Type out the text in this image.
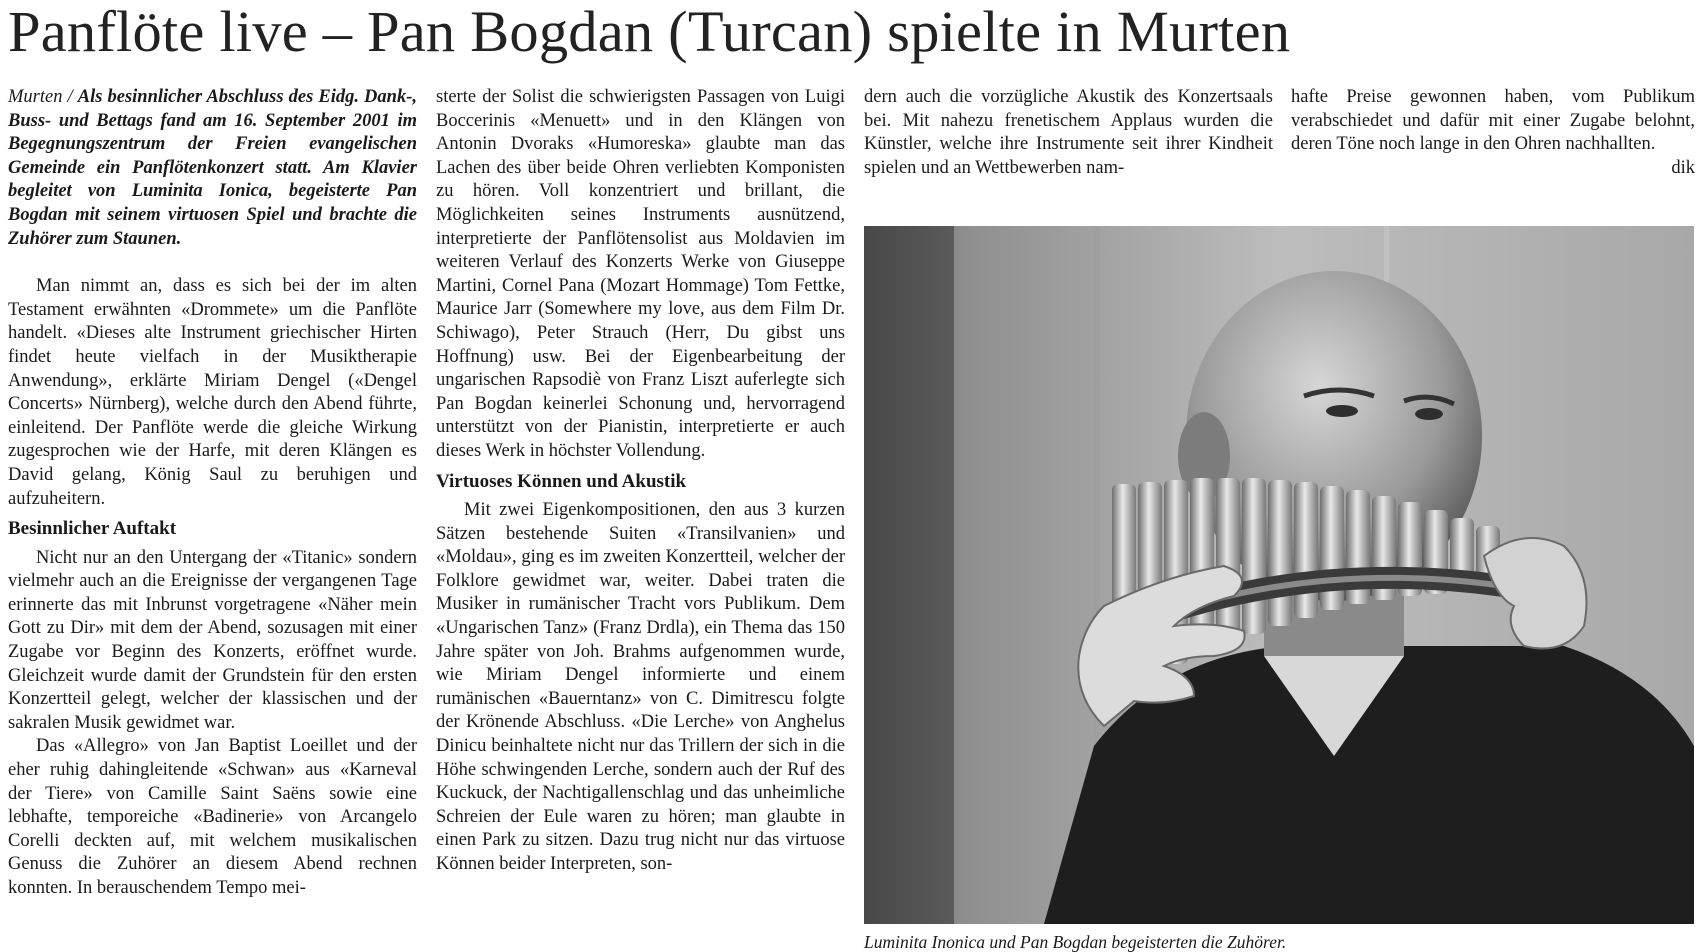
Panflöte live – Pan Bogdan (Turcan) spielte in Murten

Murten / Als besinnlicher Abschluss des Eidg. Dank-, Buss- und Bettags fand am 16. September 2001 im Begegnungszentrum der Freien evangelischen Gemeinde ein Panflötenkonzert statt. Am Klavier begleitet von Luminita Ionica, begeisterte Pan Bogdan mit seinem virtuosen Spiel und brachte die Zuhörer zum Staunen.

Man nimmt an, dass es sich bei der im alten Testament erwähnten «Drommete» um die Panflöte handelt. «Dieses alte Instrument griechischer Hirten findet heute vielfach in der Musiktherapie Anwendung», erklärte Miriam Dengel («Dengel Concerts» Nürnberg), welche durch den Abend führte, einleitend. Der Panflöte werde die gleiche Wirkung zugesprochen wie der Harfe, mit deren Klängen es David gelang, König Saul zu beruhigen und aufzuheitern.

Besinnlicher Auftakt

Nicht nur an den Untergang der «Titanic» sondern vielmehr auch an die Ereignisse der vergangenen Tage erinnerte das mit Inbrunst vorgetragene «Näher mein Gott zu Dir» mit dem der Abend, sozusagen mit einer Zugabe vor Beginn des Konzerts, eröffnet wurde. Gleichzeit wurde damit der Grundstein für den ersten Konzertteil gelegt, welcher der klassischen und der sakralen Musik gewidmet war.

Das «Allegro» von Jan Baptist Loeillet und der eher ruhig dahingleitende «Schwan» aus «Karneval der Tiere» von Camille Saint Saëns sowie eine lebhafte, temporeiche «Badinerie» von Arcangelo Corelli deckten auf, mit welchem musikalischen Genuss die Zuhörer an diesem Abend rechnen konnten. In berauschendem Tempo mei-

sterte der Solist die schwierigsten Passagen von Luigi Boccerinis «Menuett» und in den Klängen von Antonin Dvoraks «Humoreska» glaubte man das Lachen des über beide Ohren verliebten Komponisten zu hören. Voll konzentriert und brillant, die Möglichkeiten seines Instruments ausnützend, interpretierte der Panflötensolist aus Moldavien im weiteren Verlauf des Konzerts Werke von Giuseppe Martini, Cornel Pana (Mozart Hommage) Tom Fettke, Maurice Jarr (Somewhere my love, aus dem Film Dr. Schiwago), Peter Strauch (Herr, Du gibst uns Hoffnung) usw. Bei der Eigenbearbeitung der ungarischen Rapsodiè von Franz Liszt auferlegte sich Pan Bogdan keinerlei Schonung und, hervorragend unterstützt von der Pianistin, interpretierte er auch dieses Werk in höchster Vollendung.

Virtuoses Können und Akustik

Mit zwei Eigenkompositionen, den aus 3 kurzen Sätzen bestehende Suiten «Transilvanien» und «Moldau», ging es im zweiten Konzertteil, welcher der Folklore gewidmet war, weiter. Dabei traten die Musiker in rumänischer Tracht vors Publikum. Dem «Ungarischen Tanz» (Franz Drdla), ein Thema das 150 Jahre später von Joh. Brahms aufgenommen wurde, wie Miriam Dengel informierte und einem rumänischen «Bauerntanz» von C. Dimitrescu folgte der Krönende Abschluss. «Die Lerche» von Anghelus Dinicu beinhaltete nicht nur das Trillern der sich in die Höhe schwingenden Lerche, sondern auch der Ruf des Kuckuck, der Nachtigallenschlag und das unheimliche Schreien der Eule waren zu hören; man glaubte in einen Park zu sitzen. Dazu trug nicht nur das virtuose Können beider Interpreten, son-

dern auch die vorzügliche Akustik des Konzertsaals bei. Mit nahezu frenetischem Applaus wurden die Künstler, welche ihre Instrumente seit ihrer Kindheit spielen und an Wettbewerben nam-

hafte Preise gewonnen haben, vom Publikum verabschiedet und dafür mit einer Zugabe belohnt, deren Töne noch lange in den Ohren nachhallten.

dik

Luminita Inonica und Pan Bogdan begeisterten die Zuhörer.
